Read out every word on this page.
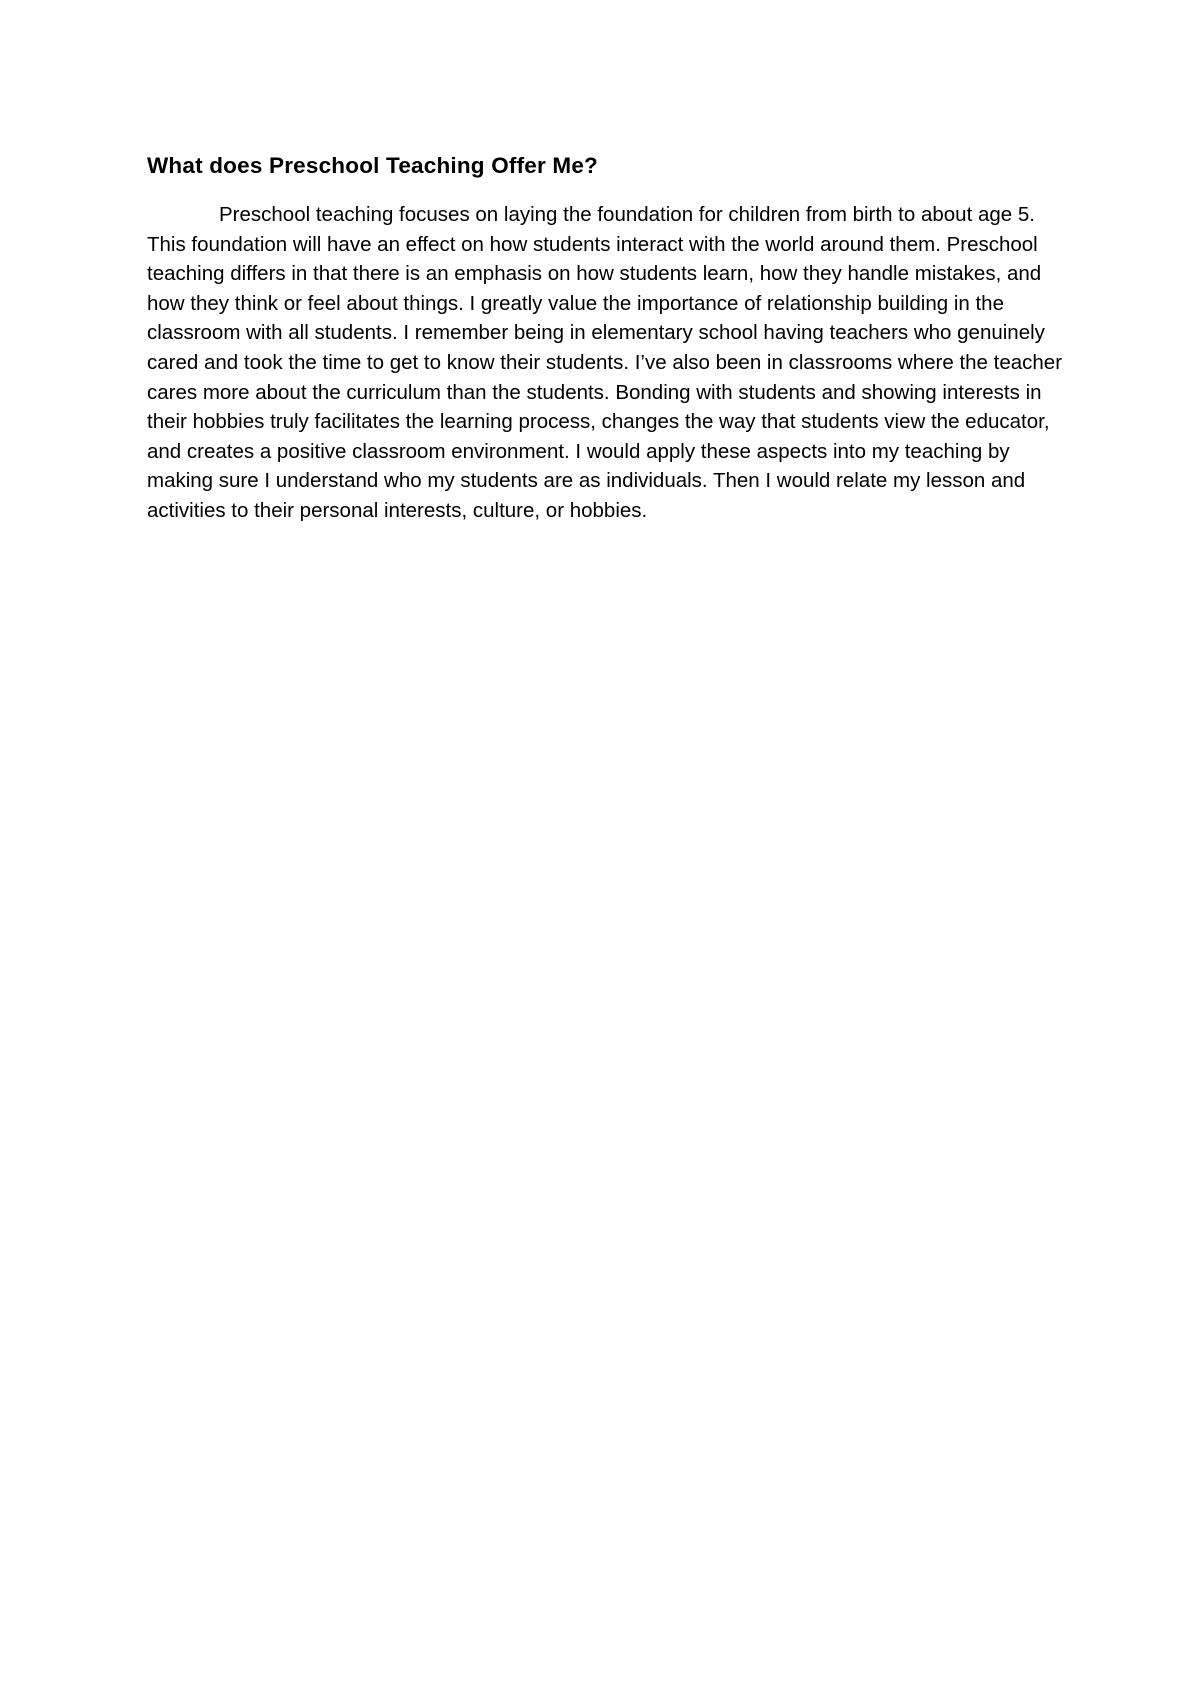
What does Preschool Teaching Offer Me?

Preschool teaching focuses on laying the foundation for children from birth to about age 5. This foundation will have an effect on how students interact with the world around them. Preschool teaching differs in that there is an emphasis on how students learn, how they handle mistakes, and how they think or feel about things. I greatly value the importance of relationship building in the classroom with all students. I remember being in elementary school having teachers who genuinely cared and took the time to get to know their students. I’ve also been in classrooms where the teacher cares more about the curriculum than the students. Bonding with students and showing interests in their hobbies truly facilitates the learning process, changes the way that students view the educator, and creates a positive classroom environment. I would apply these aspects into my teaching by making sure I understand who my students are as individuals. Then I would relate my lesson and activities to their personal interests, culture, or hobbies.
